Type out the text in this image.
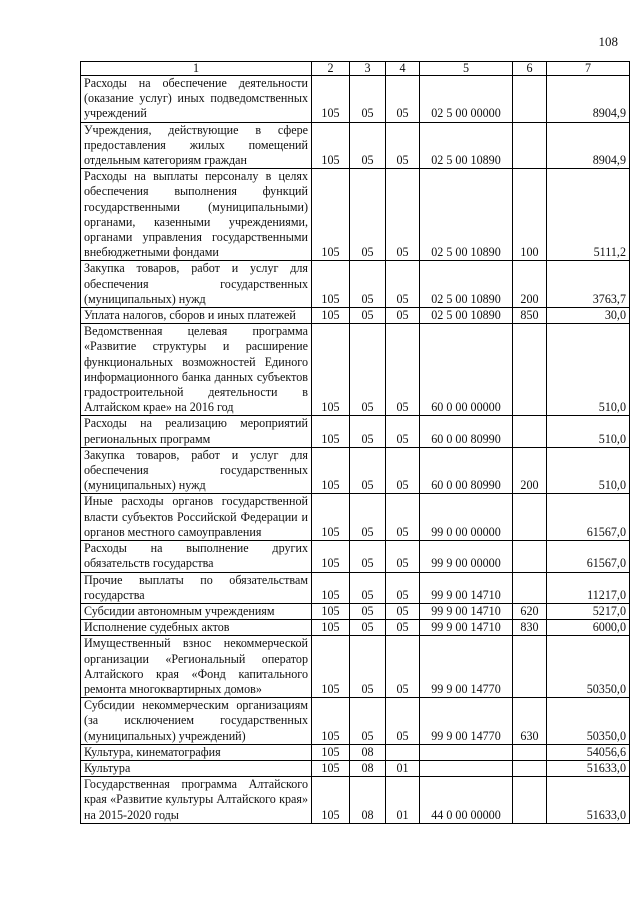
108
1	2	3	4	5	6	7
Расходы на обеспечение деятельности (оказание услуг) иных подведомственных учреждений	105	05	05	02 5 00 00000		8904,9
Учреждения, действующие в сфере предоставления жилых помещений отдельным категориям граждан	105	05	05	02 5 00 10890		8904,9
Расходы на выплаты персоналу в целях обеспечения выполнения функций государственными (муниципальными) органами, казенными учреждениями, органами управления государственными внебюджетными фондами	105	05	05	02 5 00 10890	100	5111,2
Закупка товаров, работ и услуг для обеспечения государственных (муниципальных) нужд	105	05	05	02 5 00 10890	200	3763,7
Уплата налогов, сборов и иных платежей	105	05	05	02 5 00 10890	850	30,0
Ведомственная целевая программа «Развитие структуры и расширение функциональных возможностей Единого информационного банка данных субъектов градостроительной деятельности в Алтайском крае» на 2016 год	105	05	05	60 0 00 00000		510,0
Расходы на реализацию мероприятий региональных программ	105	05	05	60 0 00 80990		510,0
Закупка товаров, работ и услуг для обеспечения государственных (муниципальных) нужд	105	05	05	60 0 00 80990	200	510,0
Иные расходы органов государственной власти субъектов Российской Федерации и органов местного самоуправления	105	05	05	99 0 00 00000		61567,0
Расходы на выполнение других обязательств государства	105	05	05	99 9 00 00000		61567,0
Прочие выплаты по обязательствам государства	105	05	05	99 9 00 14710		11217,0
Субсидии автономным учреждениям	105	05	05	99 9 00 14710	620	5217,0
Исполнение судебных актов	105	05	05	99 9 00 14710	830	6000,0
Имущественный взнос некоммерческой организации «Региональный оператор Алтайского края «Фонд капитального ремонта многоквартирных домов»	105	05	05	99 9 00 14770		50350,0
Субсидии некоммерческим организациям (за исключением государственных (муниципальных) учреждений)	105	05	05	99 9 00 14770	630	50350,0
Культура, кинематография	105	08				54056,6
Культура	105	08	01			51633,0
Государственная программа Алтайского края «Развитие культуры Алтайского края» на 2015-2020 годы	105	08	01	44 0 00 00000		51633,0
